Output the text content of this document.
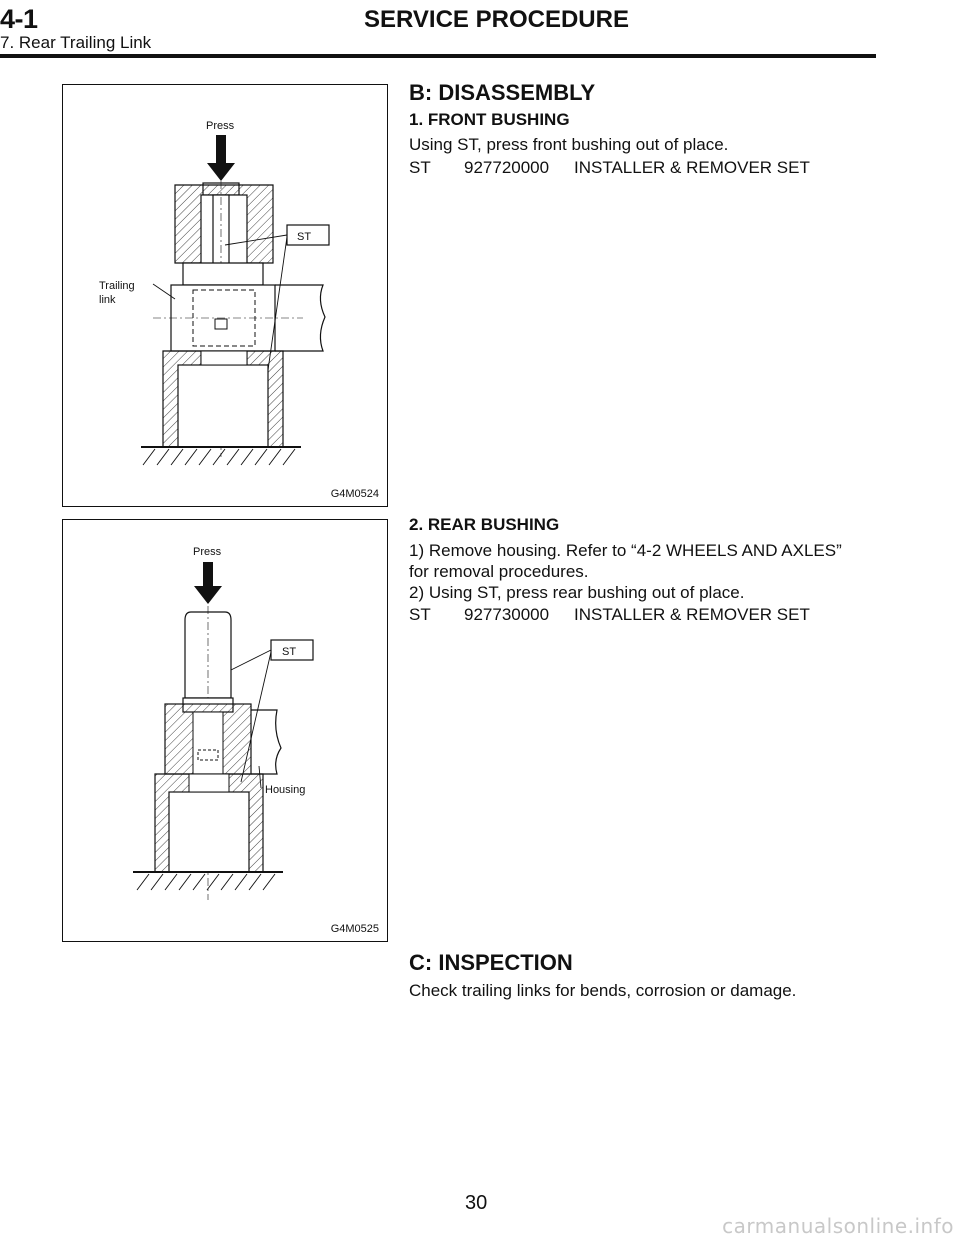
4-1	SERVICE PROCEDURE
7. Rear Trailing Link
Press
ST
Trailing
link
G4M0524
Press
ST
Housing
G4M0525
B: DISASSEMBLY
1. FRONT BUSHING
Using ST, press front bushing out of place.
ST 927720000 INSTALLER & REMOVER SET
2. REAR BUSHING
1) Remove housing. Refer to “4-2 WHEELS AND AXLES”
for removal procedures.
2) Using ST, press rear bushing out of place.
ST 927730000 INSTALLER & REMOVER SET
C: INSPECTION
Check trailing links for bends, corrosion or damage.
30
carmanualsonline.info
